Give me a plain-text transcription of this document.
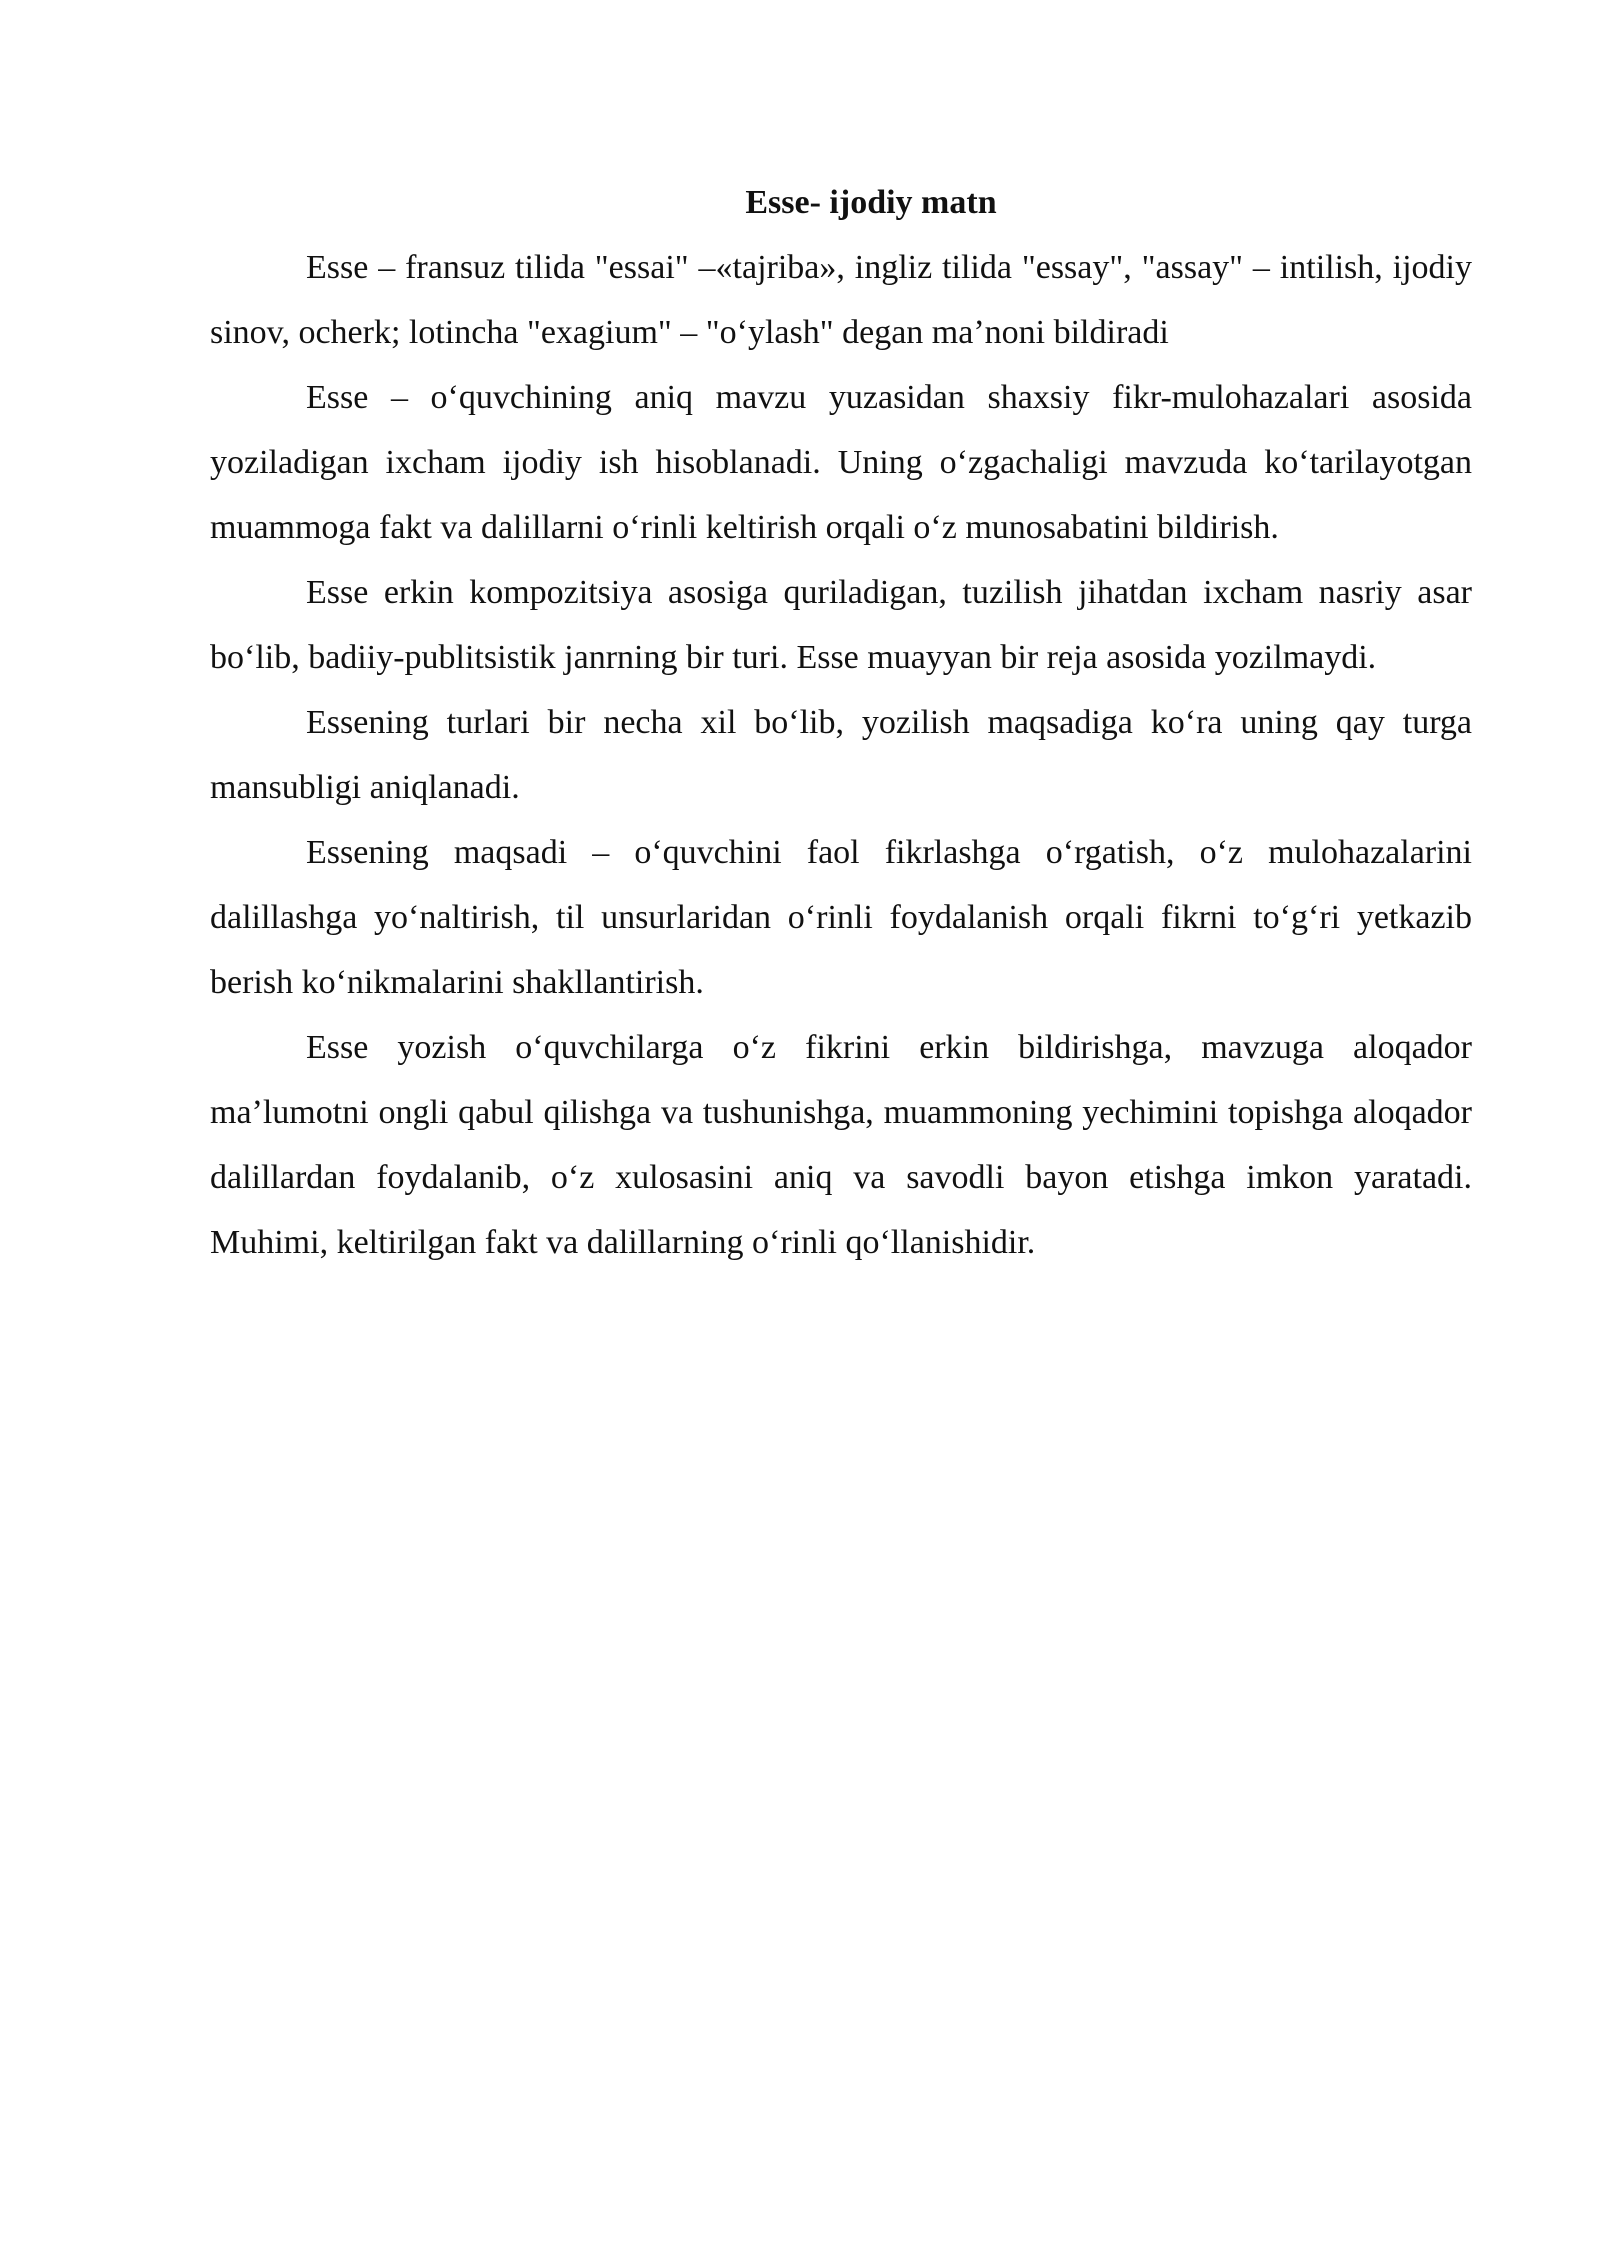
Esse- ijodiy matn

Esse – fransuz tilida "essai" –«tajriba», ingliz tilida "essay", "assay" – intilish, ijodiy sinov, ocherk; lotincha "exagium" – "oʻylash" degan maʼnoni bildiradi

Esse – oʻquvchining aniq mavzu yuzasidan shaxsiy fikr-mulohazalari asosida yoziladigan ixcham ijodiy ish hisoblanadi. Uning oʻzgachaligi mavzuda koʻtarilayotgan muammoga fakt va dalillarni oʻrinli keltirish orqali oʻz munosabatini bildirish.

Esse erkin kompozitsiya asosiga quriladigan, tuzilish jihatdan ixcham nasriy asar boʻlib, badiiy-publitsistik janrning bir turi. Esse muayyan bir reja asosida yozilmaydi.

Essening turlari bir necha xil boʻlib, yozilish maqsadiga koʻra uning qay turga mansubligi aniqlanadi.

Essening maqsadi – oʻquvchini faol fikrlashga oʻrgatish, oʻz mulohazalarini dalillashga yoʻnaltirish, til unsurlaridan oʻrinli foydalanish orqali fikrni toʻgʻri yetkazib berish koʻnikmalarini shakllantirish.

Esse yozish oʻquvchilarga oʻz fikrini erkin bildirishga, mavzuga aloqador maʼlumotni ongli qabul qilishga va tushunishga, muammoning yechimini topishga aloqador dalillardan foydalanib, oʻz xulosasini aniq va savodli bayon etishga imkon yaratadi. Muhimi, keltirilgan fakt va dalillarning oʻrinli qoʻllanishidir.
